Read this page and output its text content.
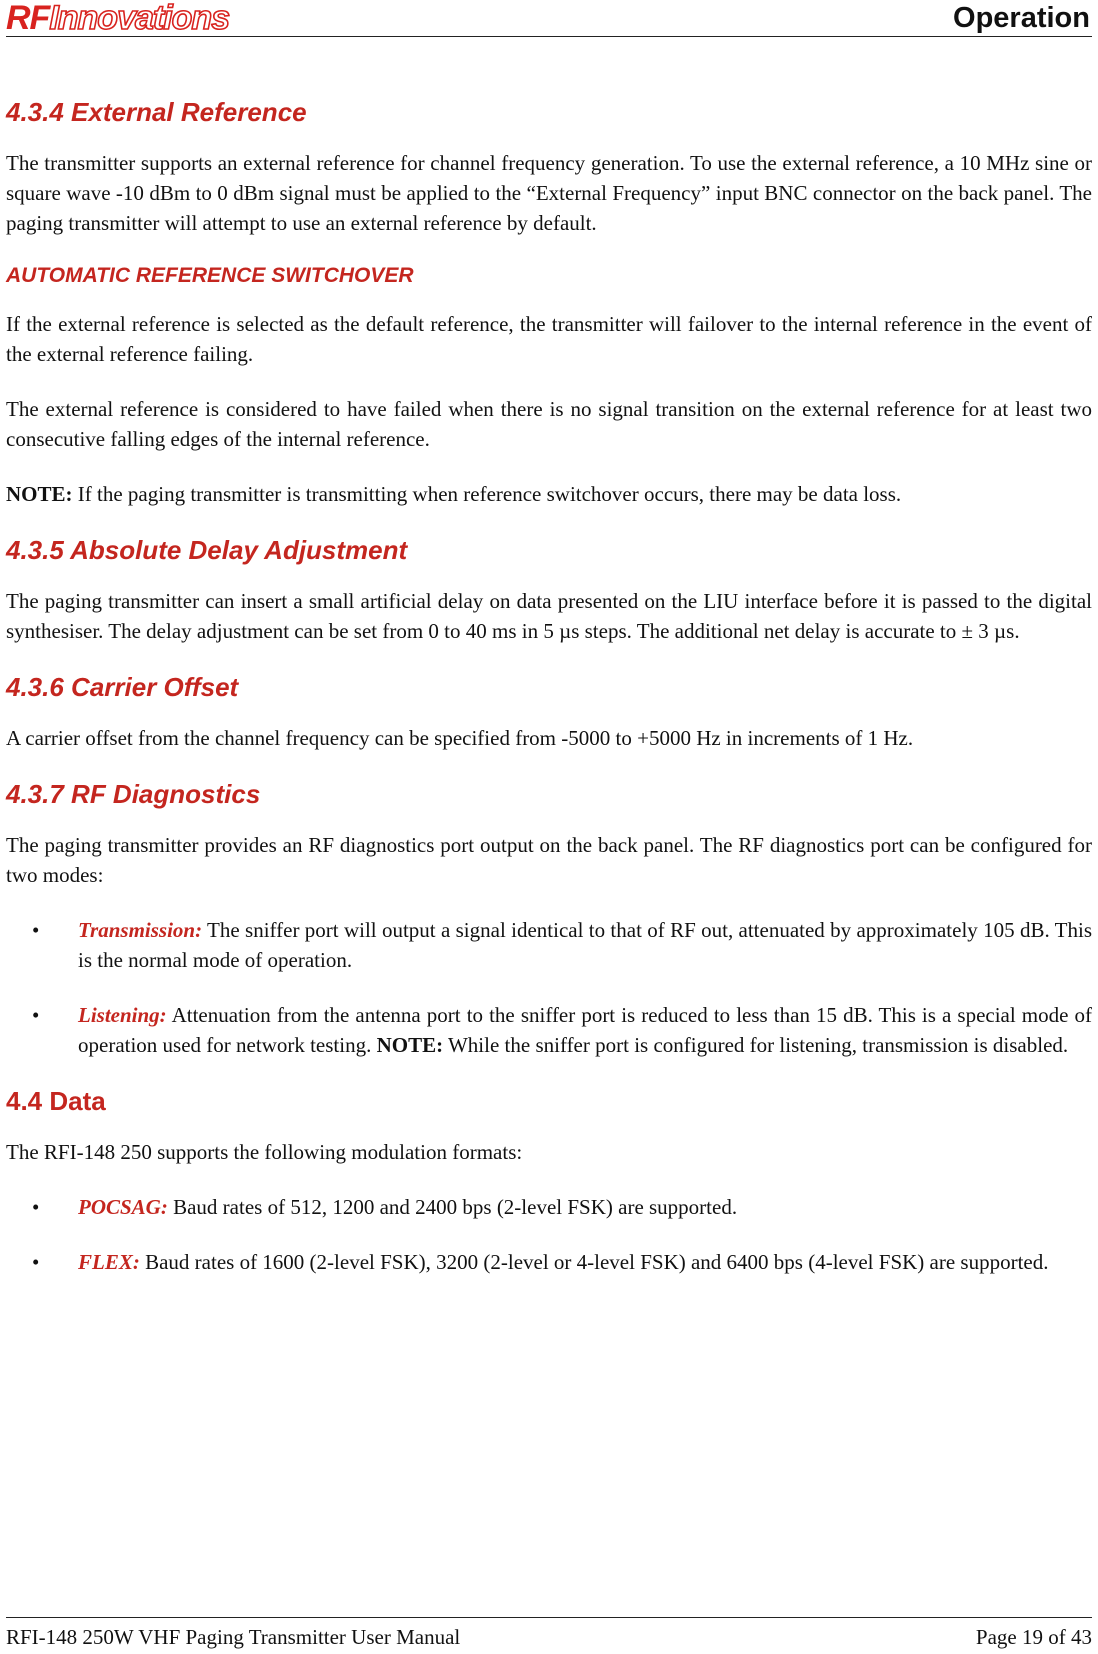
RFInnovations	Operation
4.3.4 External Reference

The transmitter supports an external reference for channel frequency generation. To use the external reference, a 10 MHz sine or square wave -10 dBm to 0 dBm signal must be applied to the “External Frequency” input BNC connector on the back panel. The paging transmitter will attempt to use an external reference by default.

AUTOMATIC REFERENCE SWITCHOVER

If the external reference is selected as the default reference, the transmitter will failover to the internal reference in the event of the external reference failing.

The external reference is considered to have failed when there is no signal transition on the external reference for at least two consecutive falling edges of the internal reference.

NOTE: If the paging transmitter is transmitting when reference switchover occurs, there may be data loss.

4.3.5 Absolute Delay Adjustment

The paging transmitter can insert a small artificial delay on data presented on the LIU interface before it is passed to the digital synthesiser. The delay adjustment can be set from 0 to 40 ms in 5 µs steps. The additional net delay is accurate to ± 3 µs.

4.3.6 Carrier Offset

A carrier offset from the channel frequency can be specified from -5000 to +5000 Hz in increments of 1 Hz.

4.3.7 RF Diagnostics

The paging transmitter provides an RF diagnostics port output on the back panel. The RF diagnostics port can be configured for two modes:

• Transmission: The sniffer port will output a signal identical to that of RF out, attenuated by approximately 105 dB. This is the normal mode of operation.
• Listening: Attenuation from the antenna port to the sniffer port is reduced to less than 15 dB. This is a special mode of operation used for network testing. NOTE: While the sniffer port is configured for listening, transmission is disabled.
4.4 Data

The RFI-148 250 supports the following modulation formats:

• POCSAG: Baud rates of 512, 1200 and 2400 bps (2-level FSK) are supported.
• FLEX: Baud rates of 1600 (2-level FSK), 3200 (2-level or 4-level FSK) and 6400 bps (4-level FSK) are supported.
RFI-148 250W VHF Paging Transmitter User Manual	Page 19 of 43
